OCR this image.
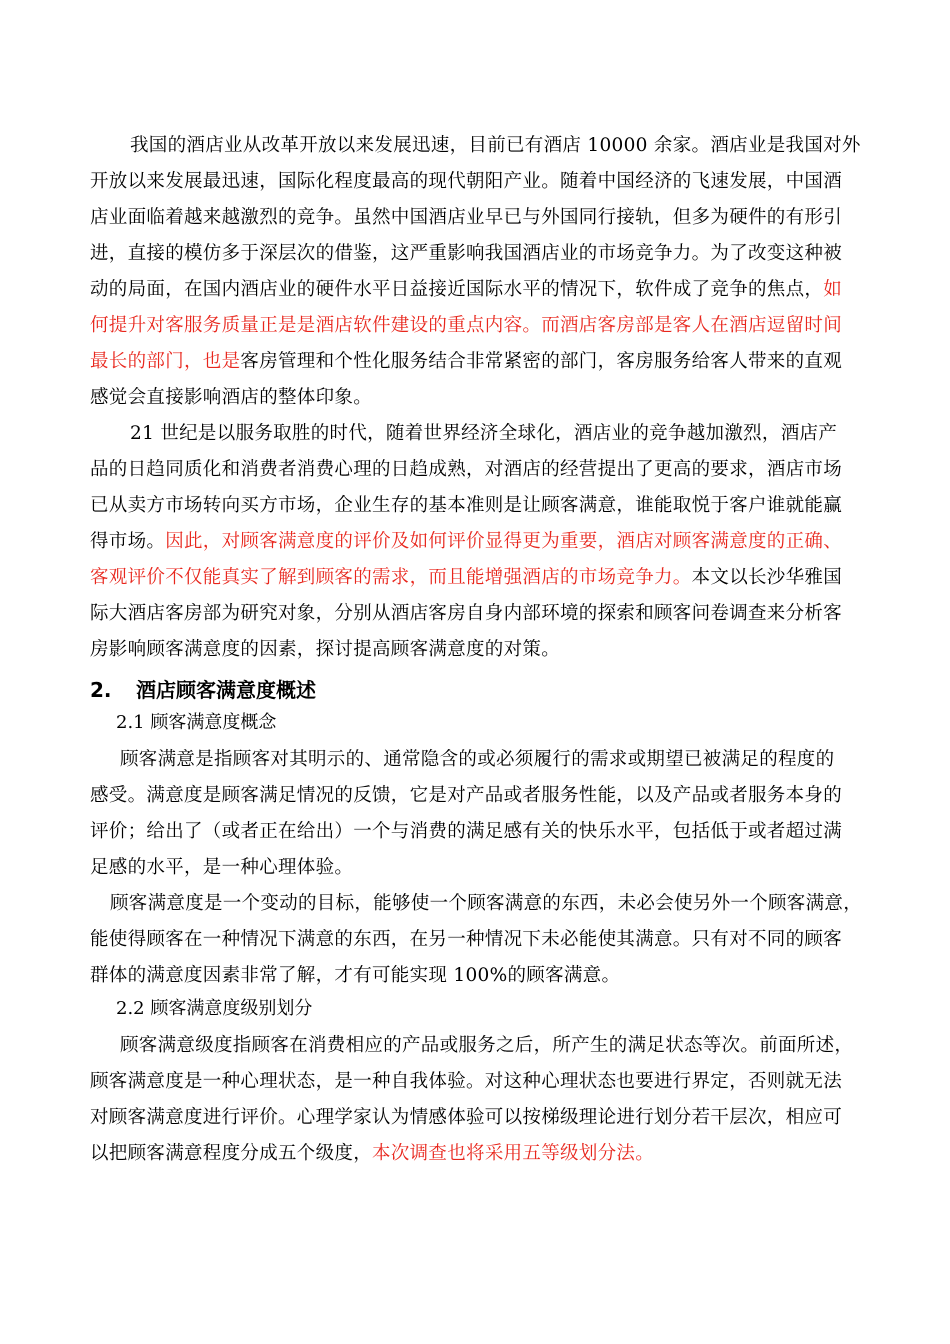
我国的酒店业从改革开放以来发展迅速，目前已有酒店 10000 余家。酒店业是我国对外
开放以来发展最迅速，国际化程度最高的现代朝阳产业。随着中国经济的飞速发展，中国酒
店业面临着越来越激烈的竞争。虽然中国酒店业早已与外国同行接轨，但多为硬件的有形引
进，直接的模仿多于深层次的借鉴，这严重影响我国酒店业的市场竞争力。为了改变这种被
动的局面，在国内酒店业的硬件水平日益接近国际水平的情况下，软件成了竞争的焦点，如
何提升对客服务质量正是是酒店软件建设的重点内容。而酒店客房部是客人在酒店逗留时间
最长的部门，也是客房管理和个性化服务结合非常紧密的部门，客房服务给客人带来的直观
感觉会直接影响酒店的整体印象。
21 世纪是以服务取胜的时代，随着世界经济全球化，酒店业的竞争越加激烈，酒店产
品的日趋同质化和消费者消费心理的日趋成熟，对酒店的经营提出了更高的要求，酒店市场
已从卖方市场转向买方市场，企业生存的基本准则是让顾客满意，谁能取悦于客户谁就能赢
得市场。因此，对顾客满意度的评价及如何评价显得更为重要，酒店对顾客满意度的正确、
客观评价不仅能真实了解到顾客的需求，而且能增强酒店的市场竞争力。本文以长沙华雅国
际大酒店客房部为研究对象，分别从酒店客房自身内部环境的探索和顾客问卷调查来分析客
房影响顾客满意度的因素，探讨提高顾客满意度的对策。
2. 酒店顾客满意度概述
2.1 顾客满意度概念
顾客满意是指顾客对其明示的、通常隐含的或必须履行的需求或期望已被满足的程度的
感受。满意度是顾客满足情况的反馈，它是对产品或者服务性能，以及产品或者服务本身的
评价；给出了（或者正在给出）一个与消费的满足感有关的快乐水平，包括低于或者超过满
足感的水平，是一种心理体验。
顾客满意度是一个变动的目标，能够使一个顾客满意的东西，未必会使另外一个顾客满意，
能使得顾客在一种情况下满意的东西，在另一种情况下未必能使其满意。只有对不同的顾客
群体的满意度因素非常了解，才有可能实现 100%的顾客满意。
2.2 顾客满意度级别划分
顾客满意级度指顾客在消费相应的产品或服务之后，所产生的满足状态等次。前面所述，
顾客满意度是一种心理状态，是一种自我体验。对这种心理状态也要进行界定，否则就无法
对顾客满意度进行评价。心理学家认为情感体验可以按梯级理论进行划分若干层次，相应可
以把顾客满意程度分成五个级度，本次调查也将采用五等级划分法。
